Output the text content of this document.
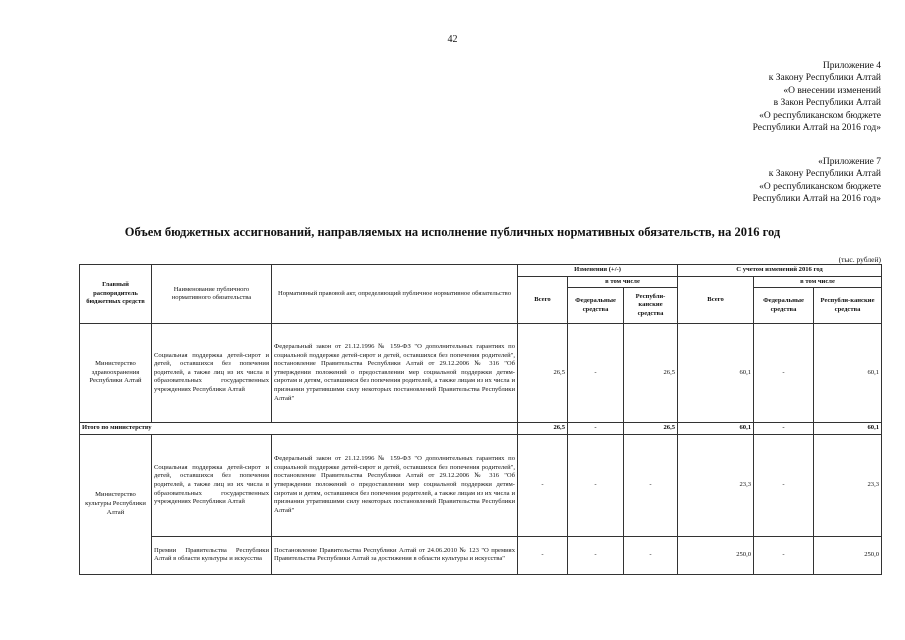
42
Приложение 4
к Закону Республики Алтай
«О внесении изменений
в Закон Республики Алтай
«О республиканском бюджете
Республики Алтай на 2016 год»
«Приложение 7
к Закону Республики Алтай
«О республиканском бюджете
Республики Алтай на 2016 год»
Объем бюджетных ассигнований, направляемых на исполнение публичных нормативных обязательств, на 2016 год
(тыс. рублей)
Главный распорядитель бюджетных средств	Наименование публичного нормативного обязательства	Нормативный правовой акт, определяющий публичное нормативное обязательство	Изменения (+/-)			С учетом изменений 2016 год		
			Всего	в том числе		Всего	в том числе	
				Федеральные средства	Республи-канские средства		Федеральные средства	Республи-канские средства
Министерство здравоохранения Республики Алтай	Социальная поддержка детей-сирот и детей, оставшихся без попечения родителей, а также лиц из их числа в образовательных государственных учреждениях Республики Алтай	Федеральный закон от 21.12.1996 № 159-ФЗ "О дополнительных гарантиях по социальной поддержке детей-сирот и детей, оставшихся без попечения родителей", постановление Правительства Республики Алтай от 29.12.2006 № 316 "Об утверждении положений о предоставлении мер социальной поддержки детям-сиротам и детям, оставшимся без попечения родителей, а также лицам из их числа и признании утратившими силу некоторых постановлений Правительства Республики Алтай"	26,5	-	26,5	60,1	-	60,1
Итого по министерству			26,5	-	26,5	60,1	-	60,1
Министерство культуры Республики Алтай	Социальная поддержка детей-сирот и детей, оставшихся без попечения родителей, а также лиц из их числа в образовательных государственных учреждениях Республики Алтай	Федеральный закон от 21.12.1996 № 159-ФЗ "О дополнительных гарантиях по социальной поддержке детей-сирот и детей, оставшихся без попечения родителей", постановление Правительства Республики Алтай от 29.12.2006 № 316 "Об утверждении положений о предоставлении мер социальной поддержки детям-сиротам и детям, оставшимся без попечения родителей, а также лицам из их числа и признании утратившими силу некоторых постановлений Правительства Республики Алтай"	-	-	-	23,3	-	23,3
	Премии Правительства Республики Алтай в области культуры и искусства	Постановление Правительства Республики Алтай от 24.06.2010 № 123 "О премиях Правительства Республики Алтай за достижения в области культуры и искусства"	-	-	-	250,0	-	250,0
